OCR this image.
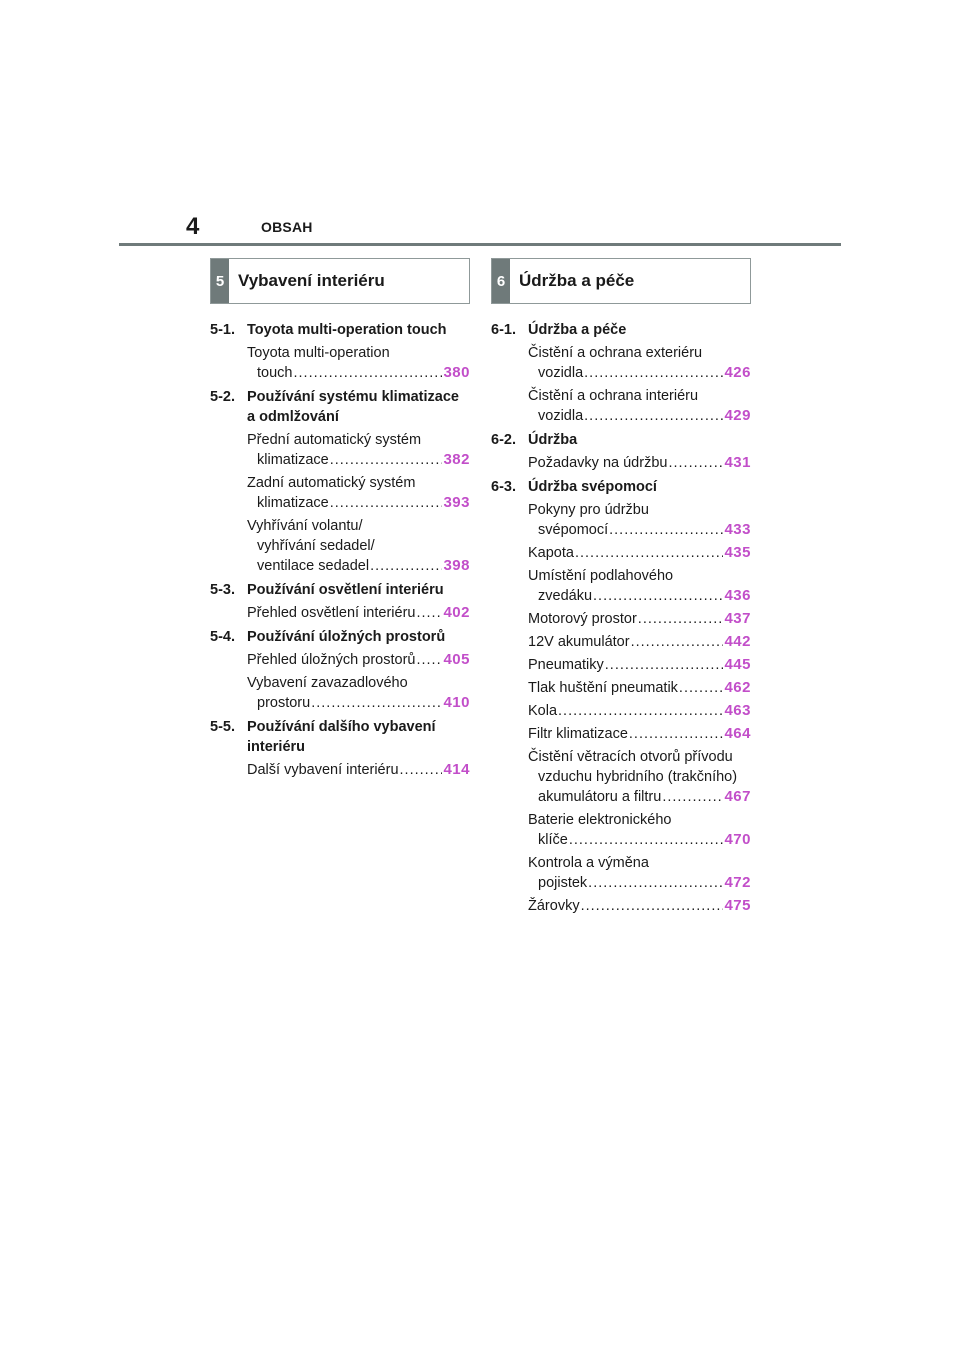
4	OBSAH
5 Vybavení interiéru
5-1. Toyota multi-operation touch
Toyota multi-operation
touch .....	380
5-2. Používání systému klimatizace a odmlžování
Přední automatický systém
klimatizace .....	382
Zadní automatický systém
klimatizace .....	393
Vyhřívání volantu/
vyhřívání sedadel/
ventilace sedadel .....	398
5-3. Používání osvětlení interiéru
Přehled osvětlení interiéru ..... 402
5-4. Používání úložných prostorů
Přehled úložných prostorů ..... 405
Vybavení zavazadlového
prostoru .....	410
5-5. Používání dalšího vybavení interiéru
Další vybavení interiéru .....	414
6 Údržba a péče
6-1. Údržba a péče
Čistění a ochrana exteriéru
vozidla .....	426
Čistění a ochrana interiéru
vozidla .....	429
6-2. Údržba
Požadavky na údržbu .....	431
6-3. Údržba svépomocí
Pokyny pro údržbu
svépomocí .....	433
Kapota .....	435
Umístění podlahového
zvedáku .....	436
Motorový prostor .....	437
12V akumulátor .....	442
Pneumatiky .....	445
Tlak huštění pneumatik .....	462
Kola .....	463
Filtr klimatizace .....	464
Čistění větracích otvorů přívodu
vzduchu hybridního (trakčního)
akumulátoru a filtru .....	467
Baterie elektronického
klíče .....	470
Kontrola a výměna
pojistek .....	472
Žárovky .....	475
